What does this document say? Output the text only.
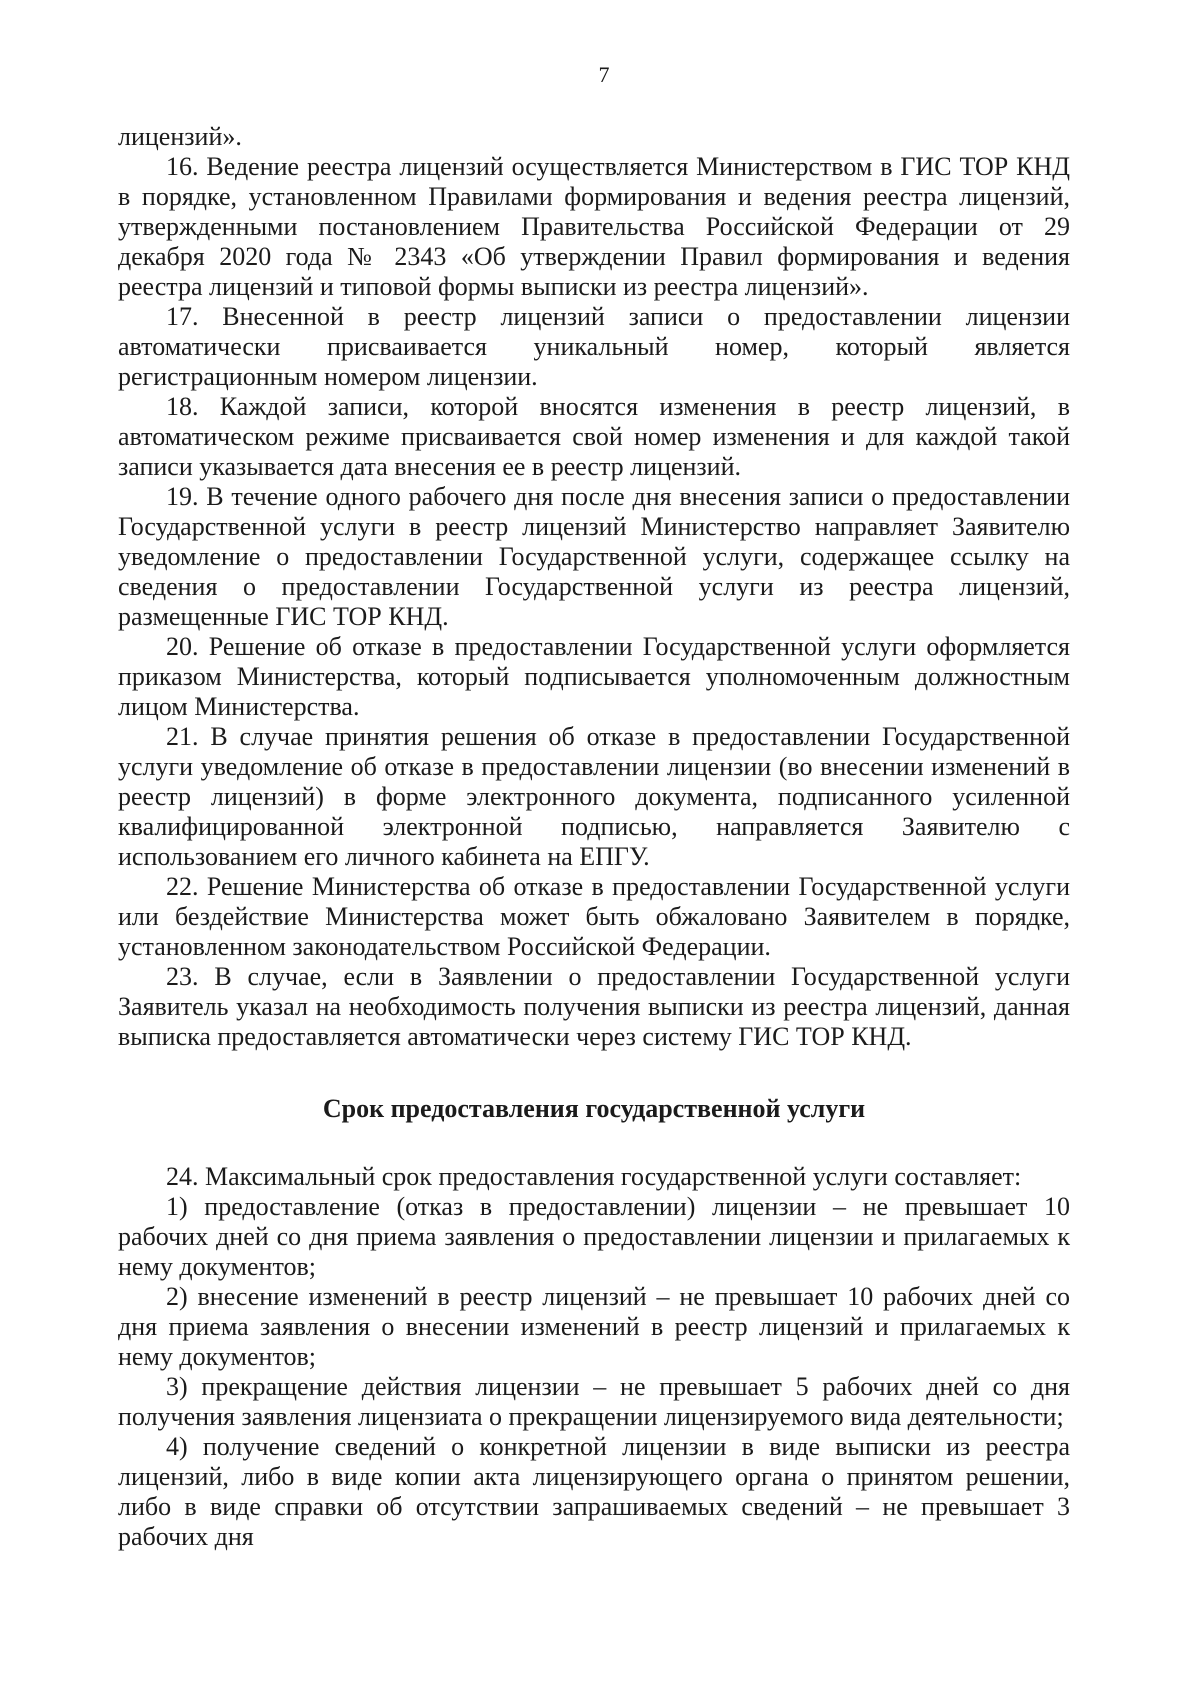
7

лицензий».

16. Ведение реестра лицензий осуществляется Министерством в ГИС ТОР КНД в порядке, установленном Правилами формирования и ведения реестра лицензий, утвержденными постановлением Правительства Российской Федерации от 29 декабря 2020 года № 2343 «Об утверждении Правил формирования и ведения реестра лицензий и типовой формы выписки из реестра лицензий».

17. Внесенной в реестр лицензий записи о предоставлении лицензии автоматически присваивается уникальный номер, который является регистрационным номером лицензии.

18. Каждой записи, которой вносятся изменения в реестр лицензий, в автоматическом режиме присваивается свой номер изменения и для каждой такой записи указывается дата внесения ее в реестр лицензий.

19. В течение одного рабочего дня после дня внесения записи о предоставлении Государственной услуги в реестр лицензий Министерство направляет Заявителю уведомление о предоставлении Государственной услуги, содержащее ссылку на сведения о предоставлении Государственной услуги из реестра лицензий, размещенные ГИС ТОР КНД.

20. Решение об отказе в предоставлении Государственной услуги оформляется приказом Министерства, который подписывается уполномоченным должностным лицом Министерства.

21. В случае принятия решения об отказе в предоставлении Государственной услуги уведомление об отказе в предоставлении лицензии (во внесении изменений в реестр лицензий) в форме электронного документа, подписанного усиленной квалифицированной электронной подписью, направляется Заявителю с использованием его личного кабинета на ЕПГУ.

22. Решение Министерства об отказе в предоставлении Государственной услуги или бездействие Министерства может быть обжаловано Заявителем в порядке, установленном законодательством Российской Федерации.

23. В случае, если в Заявлении о предоставлении Государственной услуги Заявитель указал на необходимость получения выписки из реестра лицензий, данная выписка предоставляется автоматически через систему ГИС ТОР КНД.

Срок предоставления государственной услуги

24. Максимальный срок предоставления государственной услуги составляет:

1) предоставление (отказ в предоставлении) лицензии – не превышает 10 рабочих дней со дня приема заявления о предоставлении лицензии и прилагаемых к нему документов;

2) внесение изменений в реестр лицензий – не превышает 10 рабочих дней со дня приема заявления о внесении изменений в реестр лицензий и прилагаемых к нему документов;

3) прекращение действия лицензии – не превышает 5 рабочих дней со дня получения заявления лицензиата о прекращении лицензируемого вида деятельности;

4) получение сведений о конкретной лицензии в виде выписки из реестра лицензий, либо в виде копии акта лицензирующего органа о принятом решении, либо в виде справки об отсутствии запрашиваемых сведений – не превышает 3 рабочих дня
